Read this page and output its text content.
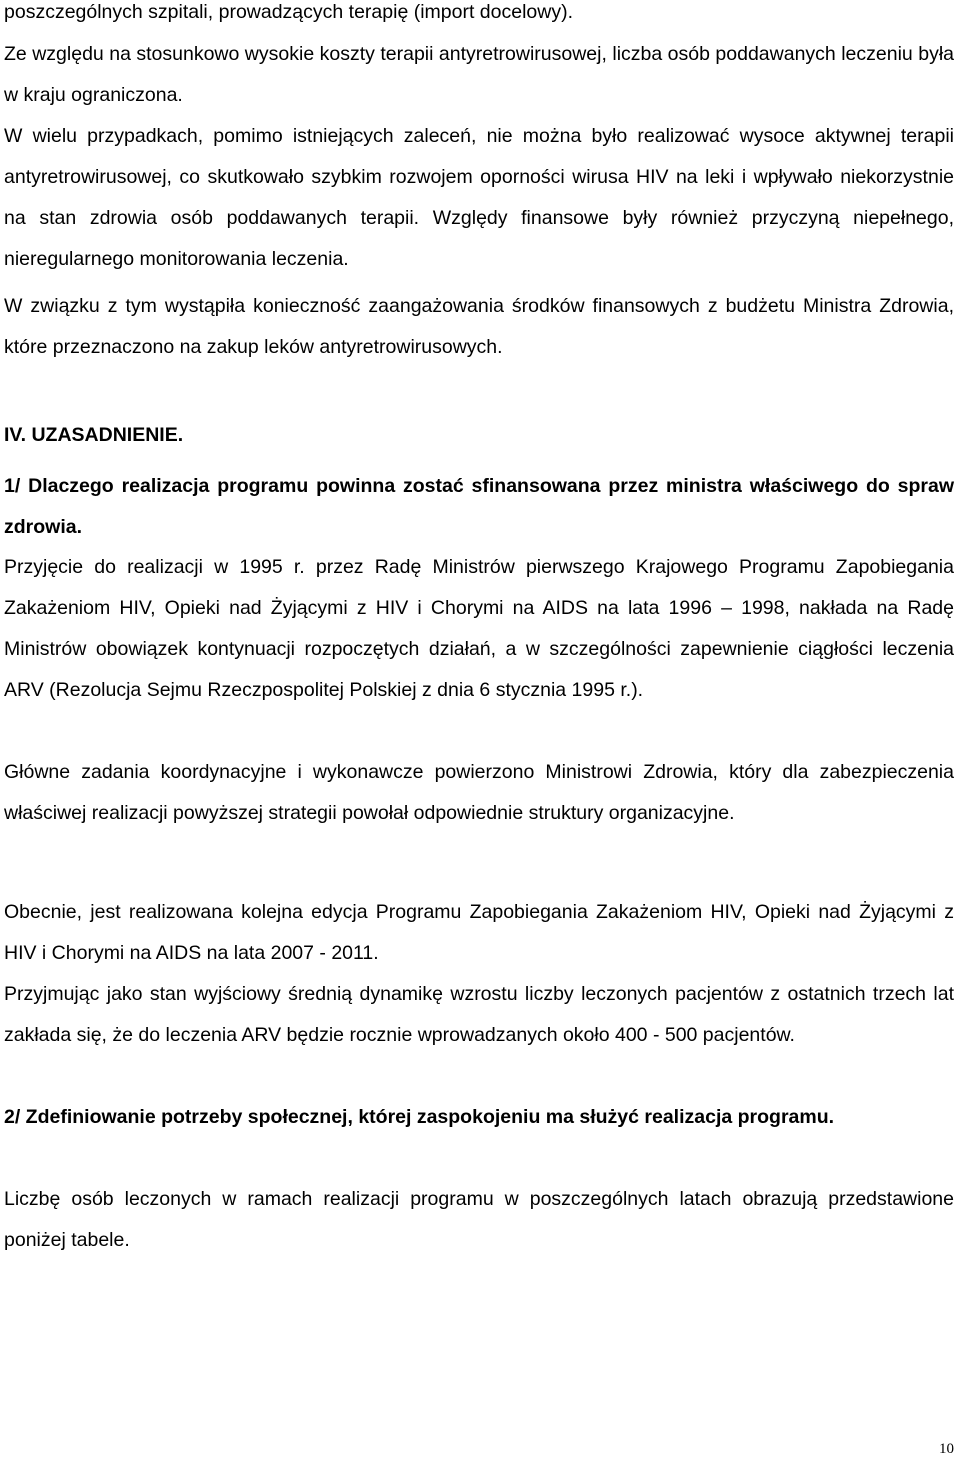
poszczególnych szpitali, prowadzących terapię (import docelowy).

Ze względu na stosunkowo wysokie koszty terapii antyretrowirusowej, liczba osób poddawanych leczeniu była w kraju ograniczona.

W wielu przypadkach, pomimo istniejących zaleceń, nie można było realizować wysoce aktywnej terapii antyretrowirusowej, co skutkowało szybkim rozwojem oporności wirusa HIV na leki i wpływało niekorzystnie na stan zdrowia osób poddawanych terapii. Względy finansowe były również przyczyną niepełnego, nieregularnego monitorowania leczenia.

W związku z tym wystąpiła konieczność zaangażowania środków finansowych z budżetu Ministra Zdrowia, które przeznaczono na zakup leków antyretrowirusowych.

IV. UZASADNIENIE.

1/ Dlaczego realizacja programu powinna zostać sfinansowana przez ministra właściwego do spraw zdrowia.

Przyjęcie do realizacji w 1995 r. przez Radę Ministrów pierwszego Krajowego Programu Zapobiegania Zakażeniom HIV, Opieki nad Żyjącymi z HIV i Chorymi na AIDS na lata 1996 – 1998, nakłada na Radę Ministrów obowiązek kontynuacji rozpoczętych działań, a w szczególności zapewnienie ciągłości leczenia ARV (Rezolucja Sejmu Rzeczpospolitej Polskiej z dnia 6 stycznia 1995 r.).

Główne zadania koordynacyjne i wykonawcze powierzono Ministrowi Zdrowia, który dla zabezpieczenia właściwej realizacji powyższej strategii powołał odpowiednie struktury organizacyjne.

Obecnie, jest realizowana kolejna edycja Programu Zapobiegania Zakażeniom HIV, Opieki nad Żyjącymi z HIV i Chorymi na AIDS na lata 2007 - 2011.

Przyjmując jako stan wyjściowy średnią dynamikę wzrostu liczby leczonych pacjentów z ostatnich trzech lat zakłada się, że do leczenia ARV będzie rocznie wprowadzanych około 400 - 500 pacjentów.

2/ Zdefiniowanie potrzeby społecznej, której zaspokojeniu ma służyć realizacja programu.

Liczbę osób leczonych w ramach realizacji programu w poszczególnych latach obrazują przedstawione poniżej tabele.

10
